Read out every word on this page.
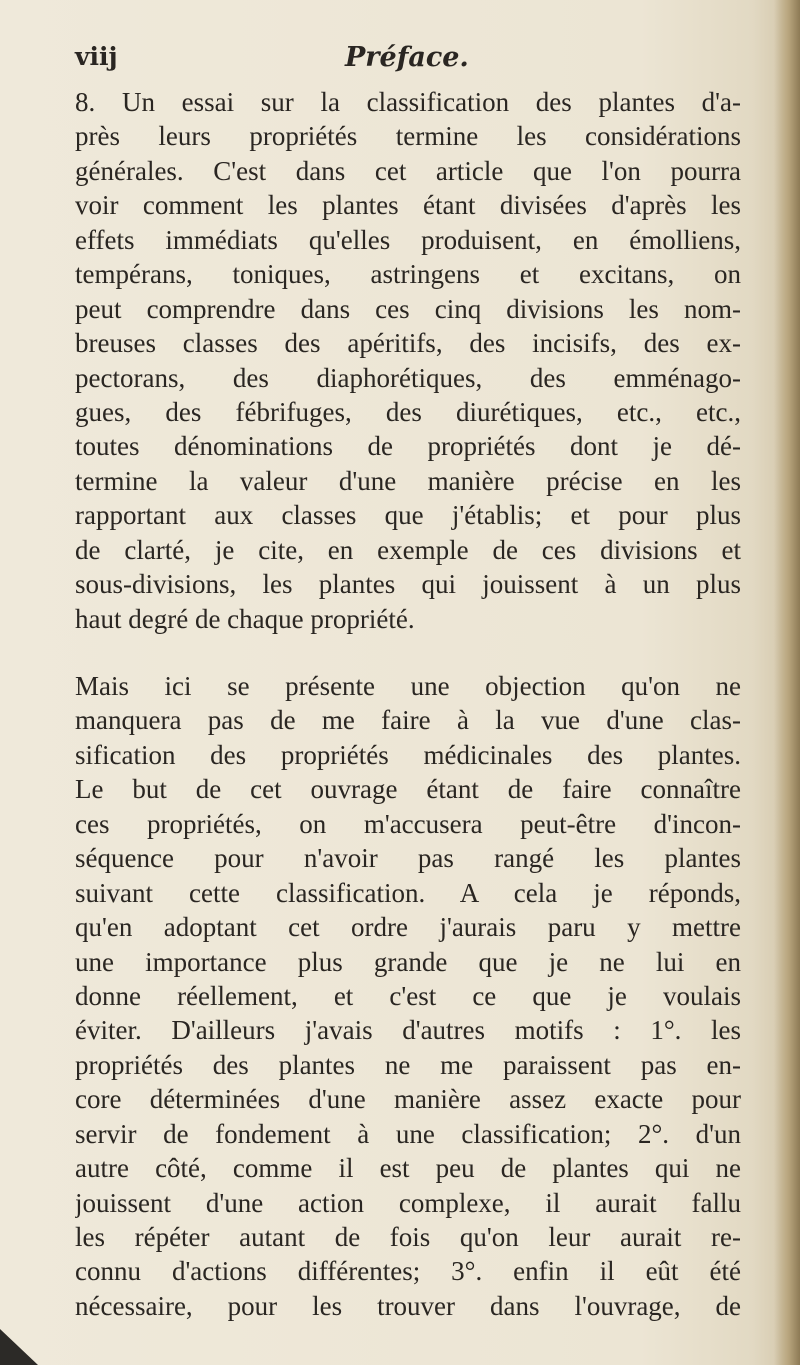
viij	Préface.
8. Un essai sur la classification des plantes d'a-
près leurs propriétés termine les considérations
générales. C'est dans cet article que l'on pourra
voir comment les plantes étant divisées d'après les
effets immédiats qu'elles produisent, en émolliens,
tempérans, toniques, astringens et excitans, on
peut comprendre dans ces cinq divisions les nom-
breuses classes des apéritifs, des incisifs, des ex-
pectorans, des diaphorétiques, des emménago-
gues, des fébrifuges, des diurétiques, etc., etc.,
toutes dénominations de propriétés dont je dé-
termine la valeur d'une manière précise en les
rapportant aux classes que j'établis; et pour plus
de clarté, je cite, en exemple de ces divisions et
sous-divisions, les plantes qui jouissent à un plus
haut degré de chaque propriété.
Mais ici se présente une objection qu'on ne
manquera pas de me faire à la vue d'une clas-
sification des propriétés médicinales des plantes.
Le but de cet ouvrage étant de faire connaître
ces propriétés, on m'accusera peut-être d'incon-
séquence pour n'avoir pas rangé les plantes
suivant cette classification. A cela je réponds,
qu'en adoptant cet ordre j'aurais paru y mettre
une importance plus grande que je ne lui en
donne réellement, et c'est ce que je voulais
éviter. D'ailleurs j'avais d'autres motifs : 1°. les
propriétés des plantes ne me paraissent pas en-
core déterminées d'une manière assez exacte pour
servir de fondement à une classification; 2°. d'un
autre côté, comme il est peu de plantes qui ne
jouissent d'une action complexe, il aurait fallu
les répéter autant de fois qu'on leur aurait re-
connu d'actions différentes; 3°. enfin il eût été
nécessaire, pour les trouver dans l'ouvrage, de
